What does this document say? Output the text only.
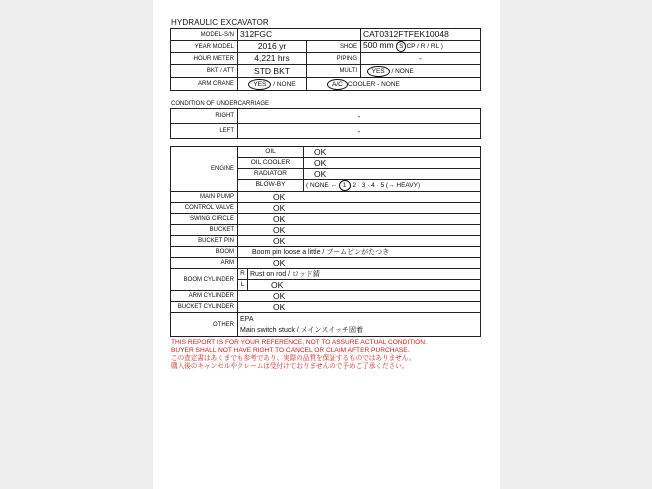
HYDRAULIC EXCAVATOR
MODEL-S/N	312FGC		CAT0312FTFEK10048
YEAR MODEL	2016 yr	SHOE	500 mm S CP / R / RL )
HOUR METER	4,221 hrs	PIPING	-
BKT / ATT	STD BKT	MULTI	YES / NONE
ARM CRANE	YES / NONE	A/C COOLER - NONE	
CONDITION OF UNDERCARRIAGE
RIGHT	-
LEFT	-
ENGINE	OIL		OK
	OIL COOLER		OK
	RADIATOR		OK
	BLOW-BY		( NONE ← 1 2 · 3 · 4 · 5 (→ HEAVY)
MAIN PUMP	OK		
CONTROL VALVE	OK		
SWING CIRCLE	OK		
BUCKET	OK		
BUCKET PIN	OK		
BOOM	Boom pin loose a little / ブームピンがたつき		
ARM	OK		
BOOM CYLINDER	R	Rust on rod / ロッド錆	
	L	OK	
ARM CYLINDER	OK		
BUCKET CYLINDER	OK		
OTHER	EPA
Main switch stuck / メインスイッチ固着		
THIS REPORT IS FOR YOUR REFERENCE, NOT TO ASSURE ACTUAL CONDITION.
BUYER SHALL NOT HAVE RIGHT TO CANCEL OR CLAIM AFTER PURCHASE.
この査定書はあくまでも参考であり、実際の品質を保証するものではありません。
購入後のキャンセルやクレームは受付けておりませんので予めご了承ください。
